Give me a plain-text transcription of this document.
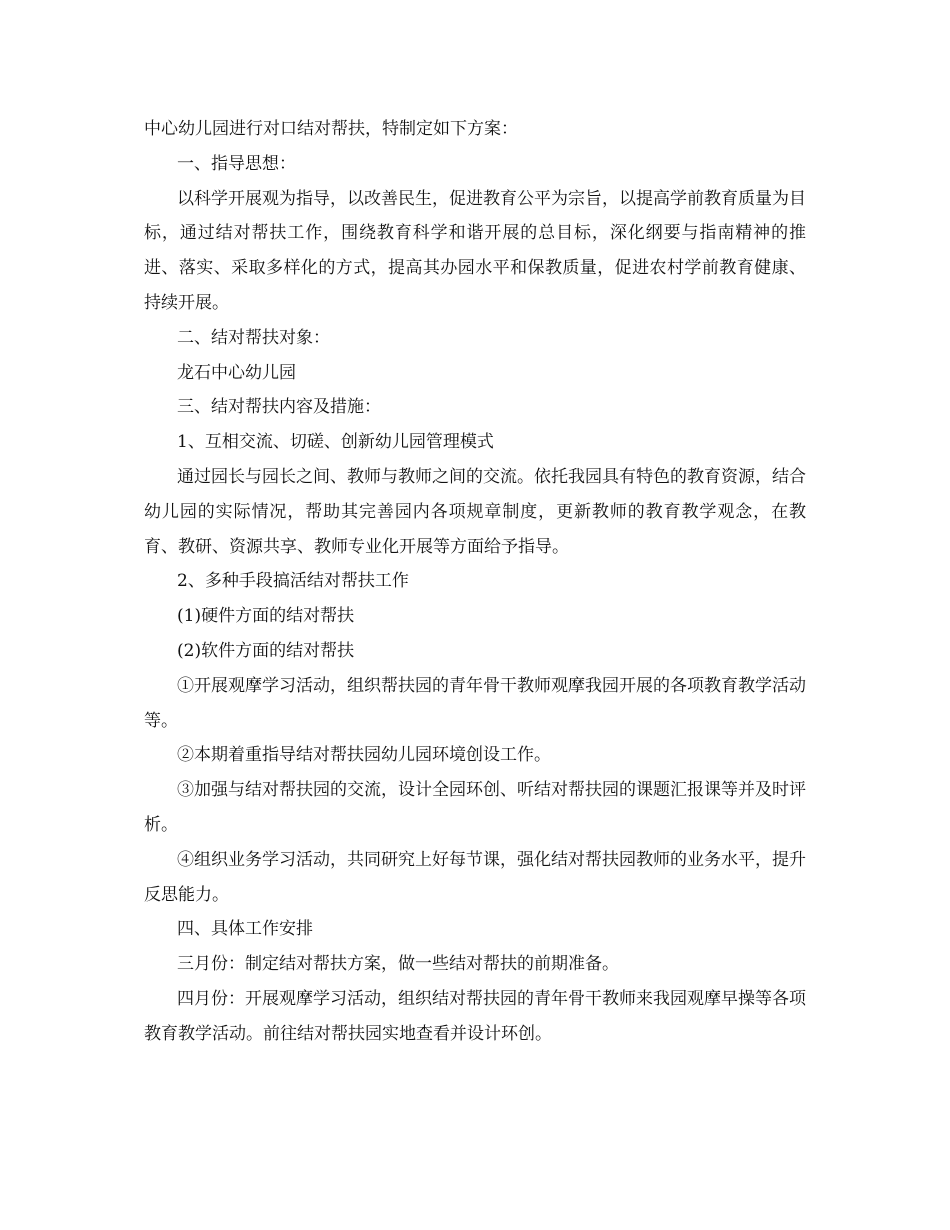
中心幼儿园进行对口结对帮扶，特制定如下方案：

一、指导思想：

以科学开展观为指导，以改善民生，促进教育公平为宗旨，以提高学前教育质量为目标，通过结对帮扶工作，围绕教育科学和谐开展的总目标，深化纲要与指南精神的推进、落实、采取多样化的方式，提高其办园水平和保教质量，促进农村学前教育健康、持续开展。

二、结对帮扶对象：

龙石中心幼儿园

三、结对帮扶内容及措施：

1、互相交流、切磋、创新幼儿园管理模式

通过园长与园长之间、教师与教师之间的交流。依托我园具有特色的教育资源，结合幼儿园的实际情况，帮助其完善园内各项规章制度，更新教师的教育教学观念，在教育、教研、资源共享、教师专业化开展等方面给予指导。

2、多种手段搞活结对帮扶工作

(1)硬件方面的结对帮扶

(2)软件方面的结对帮扶

①开展观摩学习活动，组织帮扶园的青年骨干教师观摩我园开展的各项教育教学活动等。

②本期着重指导结对帮扶园幼儿园环境创设工作。

③加强与结对帮扶园的交流，设计全园环创、听结对帮扶园的课题汇报课等并及时评析。

④组织业务学习活动，共同研究上好每节课，强化结对帮扶园教师的业务水平，提升反思能力。

四、具体工作安排

三月份：制定结对帮扶方案，做一些结对帮扶的前期准备。

四月份：开展观摩学习活动，组织结对帮扶园的青年骨干教师来我园观摩早操等各项教育教学活动。前往结对帮扶园实地查看并设计环创。
